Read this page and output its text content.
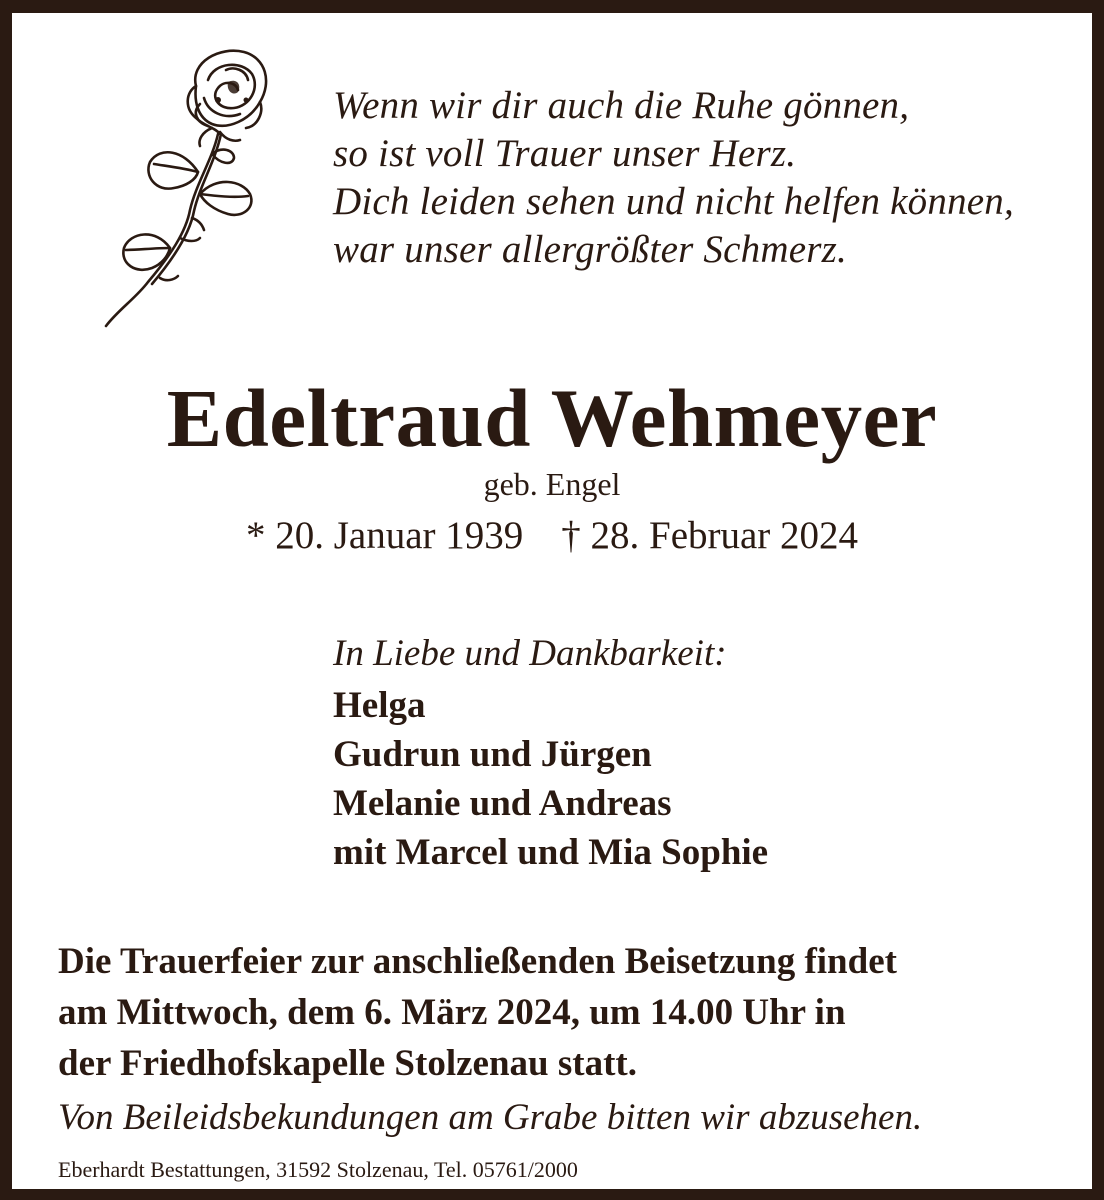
Wenn wir dir auch die Ruhe gönnen,
so ist voll Trauer unser Herz.
Dich leiden sehen und nicht helfen können,
war unser allergrößter Schmerz.
Edeltraud Wehmeyer
geb. Engel
* 20. Januar 1939 † 28. Februar 2024
In Liebe und Dankbarkeit:
Helga
Gudrun und Jürgen
Melanie und Andreas
mit Marcel und Mia Sophie
Die Trauerfeier zur anschließenden Beisetzung findet
am Mittwoch, dem 6. März 2024, um 14.00 Uhr in
der Friedhofskapelle Stolzenau statt.
Von Beileidsbekundungen am Grabe bitten wir abzusehen.
Eberhardt Bestattungen, 31592 Stolzenau, Tel. 05761/2000
